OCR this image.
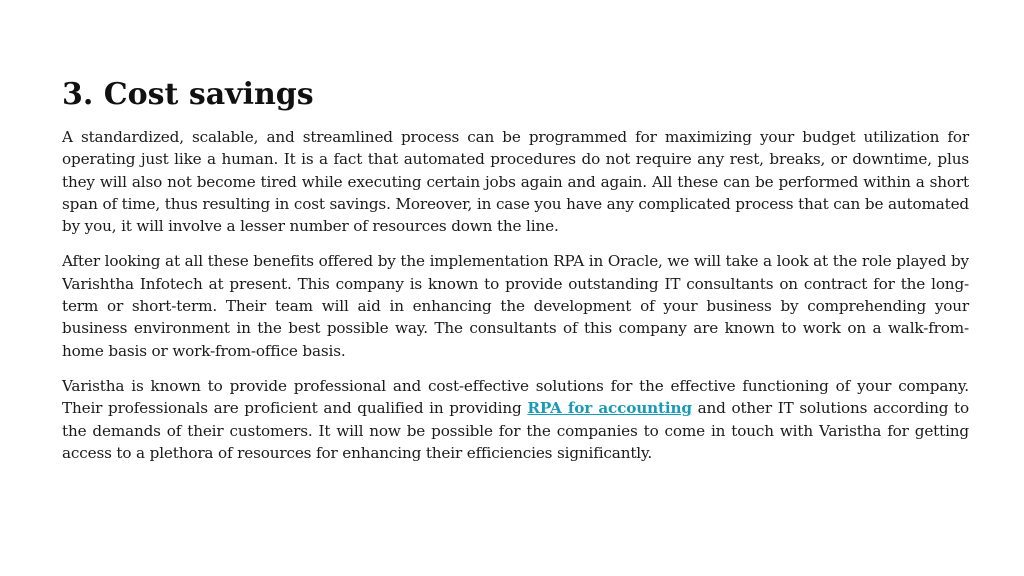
3. Cost savings

A standardized, scalable, and streamlined process can be programmed for maximizing your budget utilization for operating just like a human. It is a fact that automated procedures do not require any rest, breaks, or downtime, plus they will also not become tired while executing certain jobs again and again. All these can be performed within a short span of time, thus resulting in cost savings. Moreover, in case you have any complicated process that can be automated by you, it will involve a lesser number of resources down the line.

After looking at all these benefits offered by the implementation RPA in Oracle, we will take a look at the role played by Varishtha Infotech at present. This company is known to provide outstanding IT consultants on contract for the long-term or short-term. Their team will aid in enhancing the development of your business by comprehending your business environment in the best possible way. The consultants of this company are known to work on a walk-from-home basis or work-from-office basis.

Varistha is known to provide professional and cost-effective solutions for the effective functioning of your company. Their professionals are proficient and qualified in providing RPA for accounting and other IT solutions according to the demands of their customers. It will now be possible for the companies to come in touch with Varistha for getting access to a plethora of resources for enhancing their efficiencies significantly.
